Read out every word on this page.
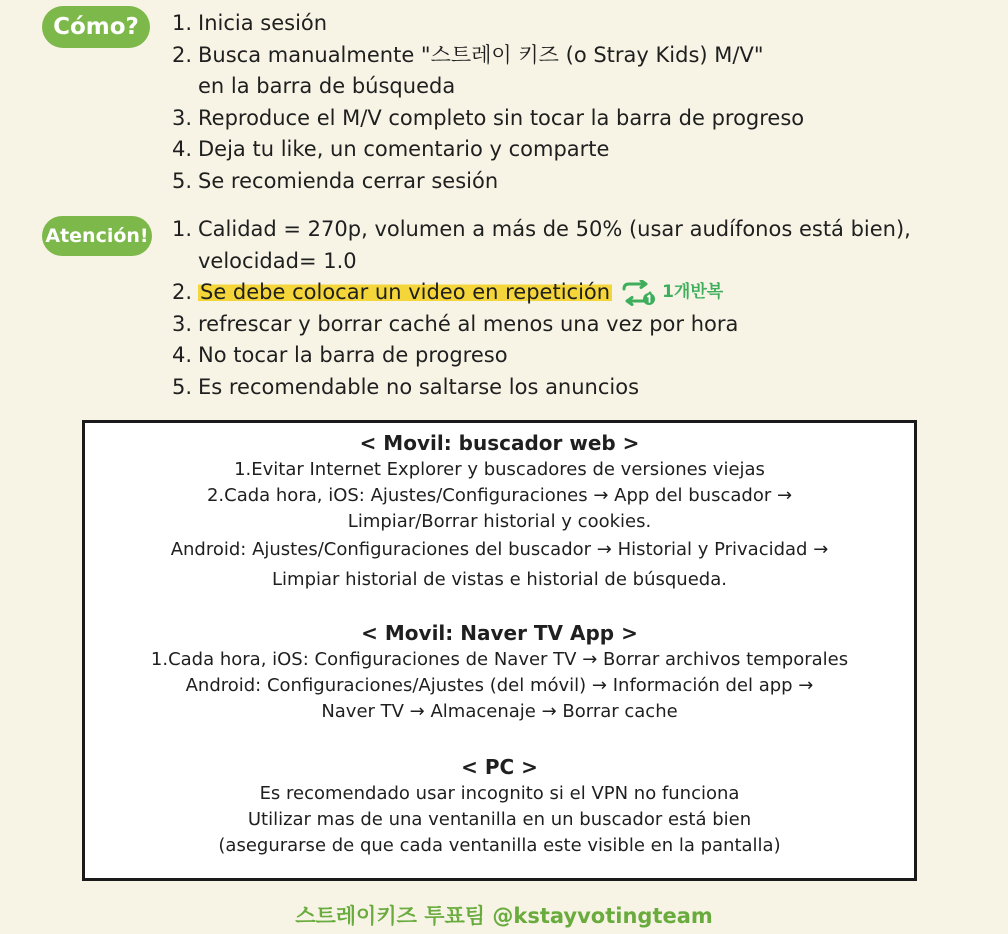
Cómo?	1. Inicia sesión
2. Busca manualmente "스트레이 키즈 (o Stray Kids) M/V"
en la barra de búsqueda
3. Reproduce el M/V completo sin tocar la barra de progreso
4. Deja tu like, un comentario y comparte
5. Se recomienda cerrar sesión
Atención! 1. Calidad = 270p, volumen a más de 50% (usar audífonos está bien),
velocidad= 1.0
2. Se debe colocar un video en repetición	1개반복
3. refrescar y borrar caché al menos una vez por hora
4. No tocar la barra de progreso
5. Es recomendable no saltarse los anuncios
< Movil: buscador web >
1.Evitar Internet Explorer y buscadores de versiones viejas
2.Cada hora, iOS: Ajustes/Configuraciones → App del buscador →
Limpiar/Borrar historial y cookies.
Android: Ajustes/Configuraciones del buscador → Historial y Privacidad →
Limpiar historial de vistas e historial de búsqueda.
< Movil: Naver TV App >
1.Cada hora, iOS: Configuraciones de Naver TV → Borrar archivos temporales
Android: Configuraciones/Ajustes (del móvil) → Información del app →
Naver TV → Almacenaje → Borrar cache
< PC >
Es recomendado usar incognito si el VPN no funciona
Utilizar mas de una ventanilla en un buscador está bien
(asegurarse de que cada ventanilla este visible en la pantalla)
스트레이키즈 투표팀 @kstayvotingteam
